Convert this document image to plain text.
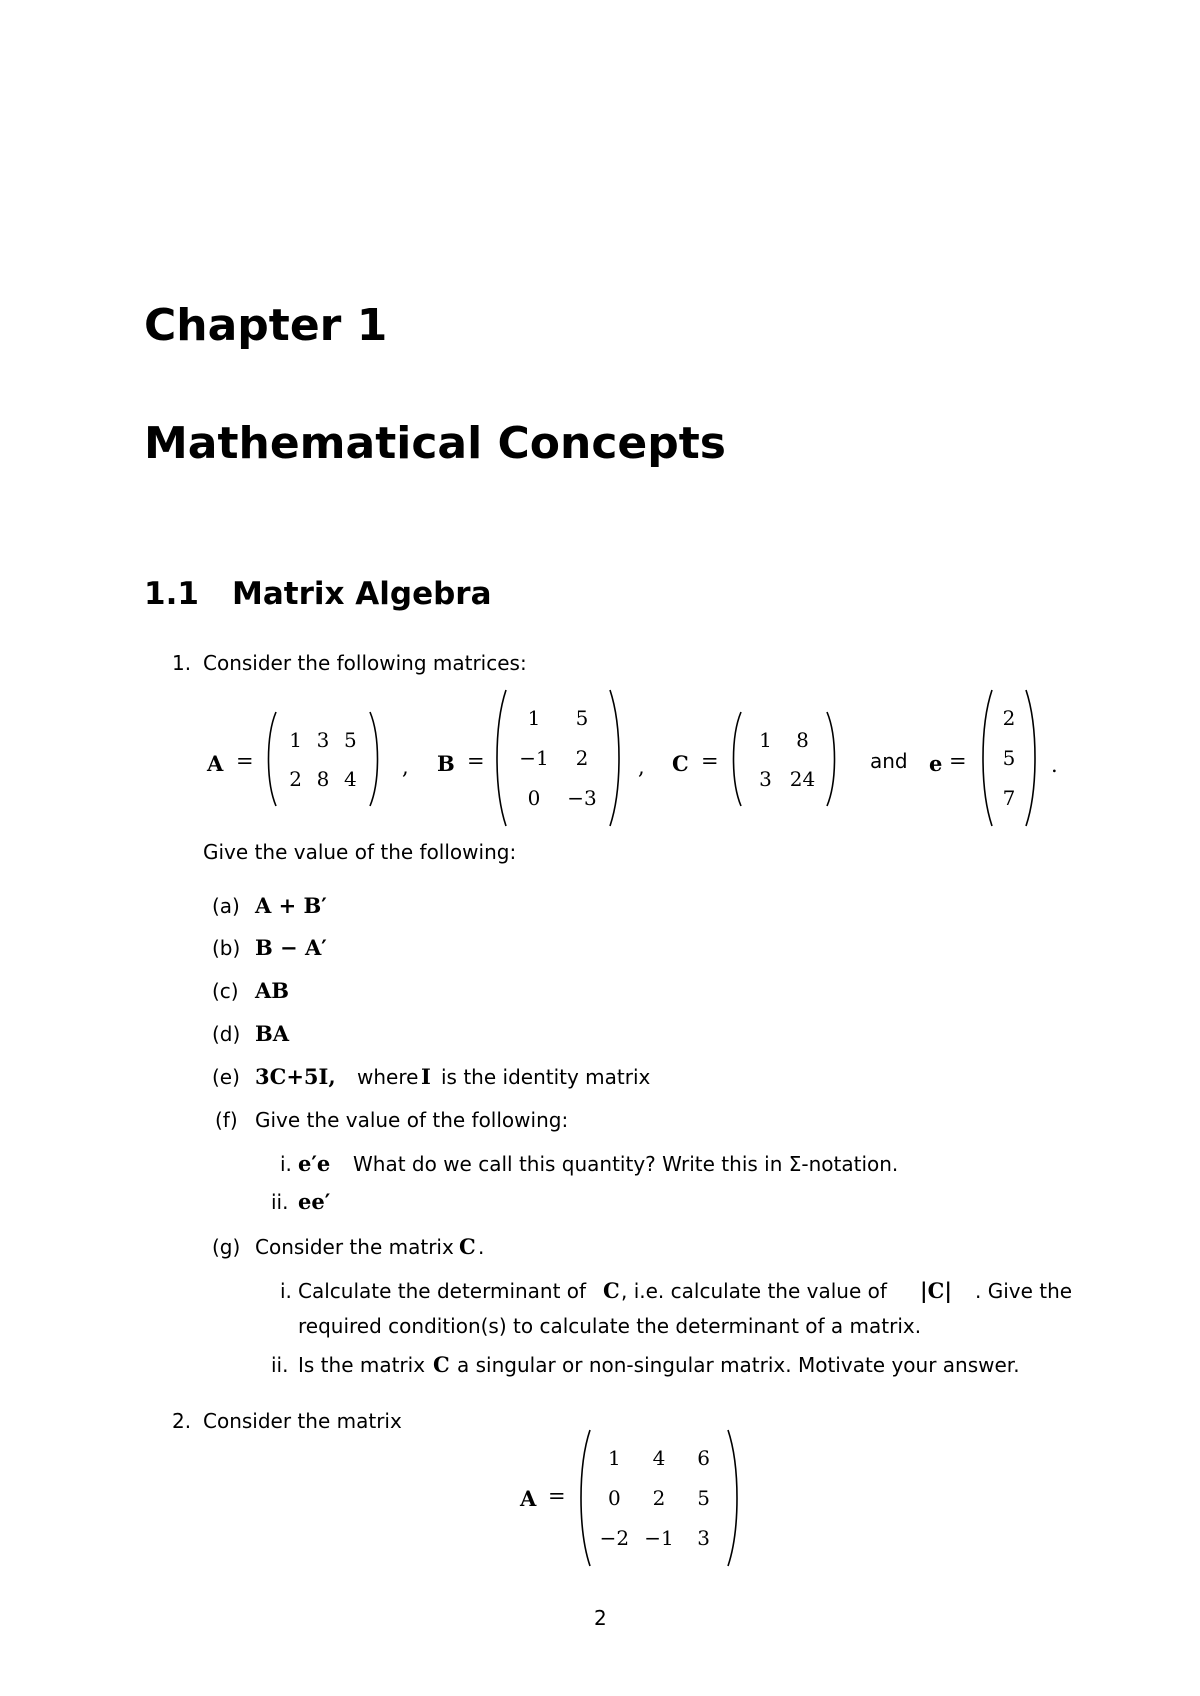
Chapter 1
Mathematical Concepts
1.1 Matrix Algebra
1. Consider the following matrices:
A =
1 3 5
2 8 4 , B =
1 5
−1 2
0 −3
, C =
1 8
3 24
and e =
2
5
7
.
Give the value of the following:
(a) A + B′
(b) B − A′
(c) AB
(d) BA
(e) 3C+5I, where I is the identity matrix
(f) Give the value of the following:
i. e′e What do we call this quantity? Write this in Σ-notation.
ii. ee′
(g) Consider the matrix C .
i. Calculate the determinant of C , i.e. calculate the value of |C| . Give the
required condition(s) to calculate the determinant of a matrix.
ii. Is the matrix C a singular or non-singular matrix. Motivate your answer.
2. Consider the matrix
A =
1 4 6
0 2 5
−2 −1 3
2
